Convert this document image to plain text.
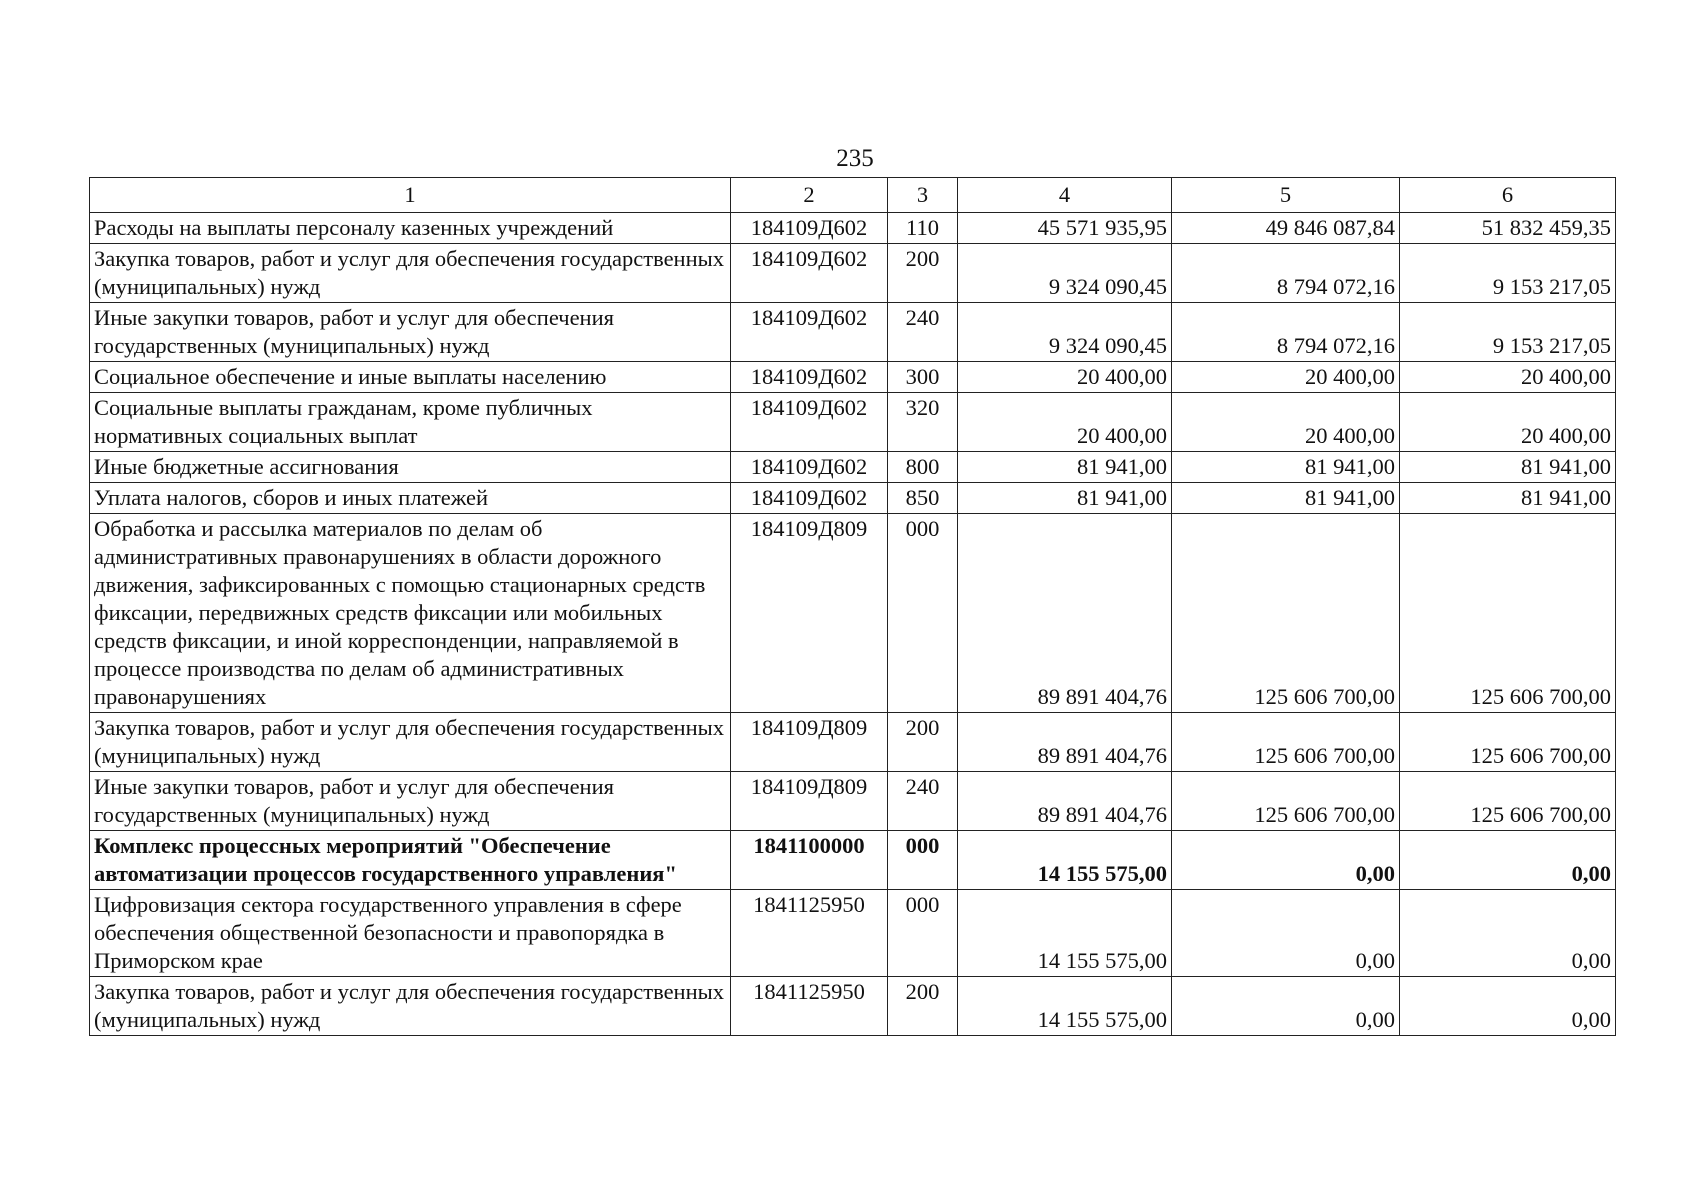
235
1	2	3	4	5	6
Расходы на выплаты персоналу казенных учреждений	184109Д602	110	45 571 935,95	49 846 087,84	51 832 459,35
Закупка товаров, работ и услуг для обеспечения государственных (муниципальных) нужд	184109Д602	200	9 324 090,45	8 794 072,16	9 153 217,05
Иные закупки товаров, работ и услуг для обеспечения государственных (муниципальных) нужд	184109Д602	240	9 324 090,45	8 794 072,16	9 153 217,05
Социальное обеспечение и иные выплаты населению	184109Д602	300	20 400,00	20 400,00	20 400,00
Социальные выплаты гражданам, кроме публичных нормативных социальных выплат	184109Д602	320	20 400,00	20 400,00	20 400,00
Иные бюджетные ассигнования	184109Д602	800	81 941,00	81 941,00	81 941,00
Уплата налогов, сборов и иных платежей	184109Д602	850	81 941,00	81 941,00	81 941,00
Обработка и рассылка материалов по делам об административных правонарушениях в области дорожного движения, зафиксированных с помощью стационарных средств фиксации, передвижных средств фиксации или мобильных средств фиксации, и иной корреспонденции, направляемой в процессе производства по делам об административных правонарушениях	184109Д809	000	89 891 404,76	125 606 700,00	125 606 700,00
Закупка товаров, работ и услуг для обеспечения государственных (муниципальных) нужд	184109Д809	200	89 891 404,76	125 606 700,00	125 606 700,00
Иные закупки товаров, работ и услуг для обеспечения государственных (муниципальных) нужд	184109Д809	240	89 891 404,76	125 606 700,00	125 606 700,00
Комплекс процессных мероприятий "Обеспечение автоматизации процессов государственного управления"	1841100000	000	14 155 575,00	0,00	0,00
Цифровизация сектора государственного управления в сфере обеспечения общественной безопасности и правопорядка в Приморском крае	1841125950	000	14 155 575,00	0,00	0,00
Закупка товаров, работ и услуг для обеспечения государственных (муниципальных) нужд	1841125950	200	14 155 575,00	0,00	0,00
